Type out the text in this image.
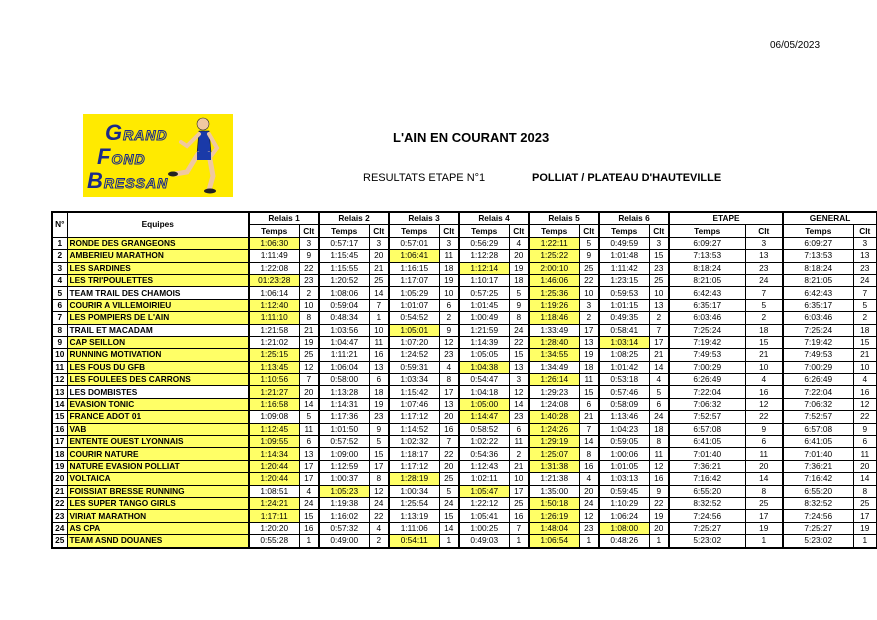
06/05/2023
GRAND
FOND
BRESSAN
L'AIN EN COURANT 2023
RESULTATS ETAPE N°1	POLLIAT / PLATEAU D'HAUTEVILLE
N°	Equipes	Relais 1		Relais 2		Relais 3		Relais 4		Relais 5		Relais 6		ETAPE		GENERAL	
		Temps	Clt	Temps	Clt	Temps	Clt	Temps	Clt	Temps	Clt	Temps	Clt	Temps	Clt	Temps	Clt
1	RONDE DES GRANGEONS	1:06:30	3	0:57:17	3	0:57:01	3	0:56:29	4	1:22:11	5	0:49:59	3	6:09:27	3	6:09:27	3
2	AMBERIEU MARATHON	1:11:49	9	1:15:45	20	1:06:41	11	1:12:28	20	1:25:22	9	1:01:48	15	7:13:53	13	7:13:53	13
3	LES SARDINES	1:22:08	22	1:15:55	21	1:16:15	18	1:12:14	19	2:00:10	25	1:11:42	23	8:18:24	23	8:18:24	23
4	LES TRI'POULETTES	01:23:28	23	1:20:52	25	1:17:07	19	1:10:17	18	1:46:06	22	1:23:15	25	8:21:05	24	8:21:05	24
5	TEAM TRAIL DES CHAMOIS	1:06:14	2	1:08:06	14	1:05:29	10	0:57:25	5	1:25:36	10	0:59:53	10	6:42:43	7	6:42:43	7
6	COURIR A VILLEMOIRIEU	1:12:40	10	0:59:04	7	1:01:07	6	1:01:45	9	1:19:26	3	1:01:15	13	6:35:17	5	6:35:17	5
7	LES POMPIERS DE L'AIN	1:11:10	8	0:48:34	1	0:54:52	2	1:00:49	8	1:18:46	2	0:49:35	2	6:03:46	2	6:03:46	2
8	TRAIL ET MACADAM	1:21:58	21	1:03:56	10	1:05:01	9	1:21:59	24	1:33:49	17	0:58:41	7	7:25:24	18	7:25:24	18
9	CAP SEILLON	1:21:02	19	1:04:47	11	1:07:20	12	1:14:39	22	1:28:40	13	1:03:14	17	7:19:42	15	7:19:42	15
10	RUNNING MOTIVATION	1:25:15	25	1:11:21	16	1:24:52	23	1:05:05	15	1:34:55	19	1:08:25	21	7:49:53	21	7:49:53	21
11	LES FOUS DU GFB	1:13:45	12	1:06:04	13	0:59:31	4	1:04:38	13	1:34:49	18	1:01:42	14	7:00:29	10	7:00:29	10
12	LES FOULEES DES CARRONS	1:10:56	7	0:58:00	6	1:03:34	8	0:54:47	3	1:26:14	11	0:53:18	4	6:26:49	4	6:26:49	4
13	LES DOMBISTES	1:21:27	20	1:13:28	18	1:15:42	17	1:04:18	12	1:29:23	15	0:57:46	5	7:22:04	16	7:22:04	16
14	EVASION TONIC	1:16:58	14	1:14:31	19	1:07:46	13	1:05:00	14	1:24:08	6	0:58:09	6	7:06:32	12	7:06:32	12
15	FRANCE ADOT 01	1:09:08	5	1:17:36	23	1:17:12	20	1:14:47	23	1:40:28	21	1:13:46	24	7:52:57	22	7:52:57	22
16	VAB	1:12:45	11	1:01:50	9	1:14:52	16	0:58:52	6	1:24:26	7	1:04:23	18	6:57:08	9	6:57:08	9
17	ENTENTE OUEST LYONNAIS	1:09:55	6	0:57:52	5	1:02:32	7	1:02:22	11	1:29:19	14	0:59:05	8	6:41:05	6	6:41:05	6
18	COURIR NATURE	1:14:34	13	1:09:00	15	1:18:17	22	0:54:36	2	1:25:07	8	1:00:06	11	7:01:40	11	7:01:40	11
19	NATURE EVASION POLLIAT	1:20:44	17	1:12:59	17	1:17:12	20	1:12:43	21	1:31:38	16	1:01:05	12	7:36:21	20	7:36:21	20
20	VOLTAICA	1:20:44	17	1:00:37	8	1:28:19	25	1:02:11	10	1:21:38	4	1:03:13	16	7:16:42	14	7:16:42	14
21	FOISSIAT BRESSE RUNNING	1:08:51	4	1:05:23	12	1:00:34	5	1:05:47	17	1:35:00	20	0:59:45	9	6:55:20	8	6:55:20	8
22	LES SUPER TANGO GIRLS	1:24:21	24	1:19:38	24	1:25:54	24	1:22:12	25	1:50:18	24	1:10:29	22	8:32:52	25	8:32:52	25
23	VIRIAT MARATHON	1:17:11	15	1:16:02	22	1:13:19	15	1:05:41	16	1:26:19	12	1:06:24	19	7:24:56	17	7:24:56	17
24	AS CPA	1:20:20	16	0:57:32	4	1:11:06	14	1:00:25	7	1:48:04	23	1:08:00	20	7:25:27	19	7:25:27	19
25	TEAM ASND DOUANES	0:55:28	1	0:49:00	2	0:54:11	1	0:49:03	1	1:06:54	1	0:48:26	1	5:23:02	1	5:23:02	1
